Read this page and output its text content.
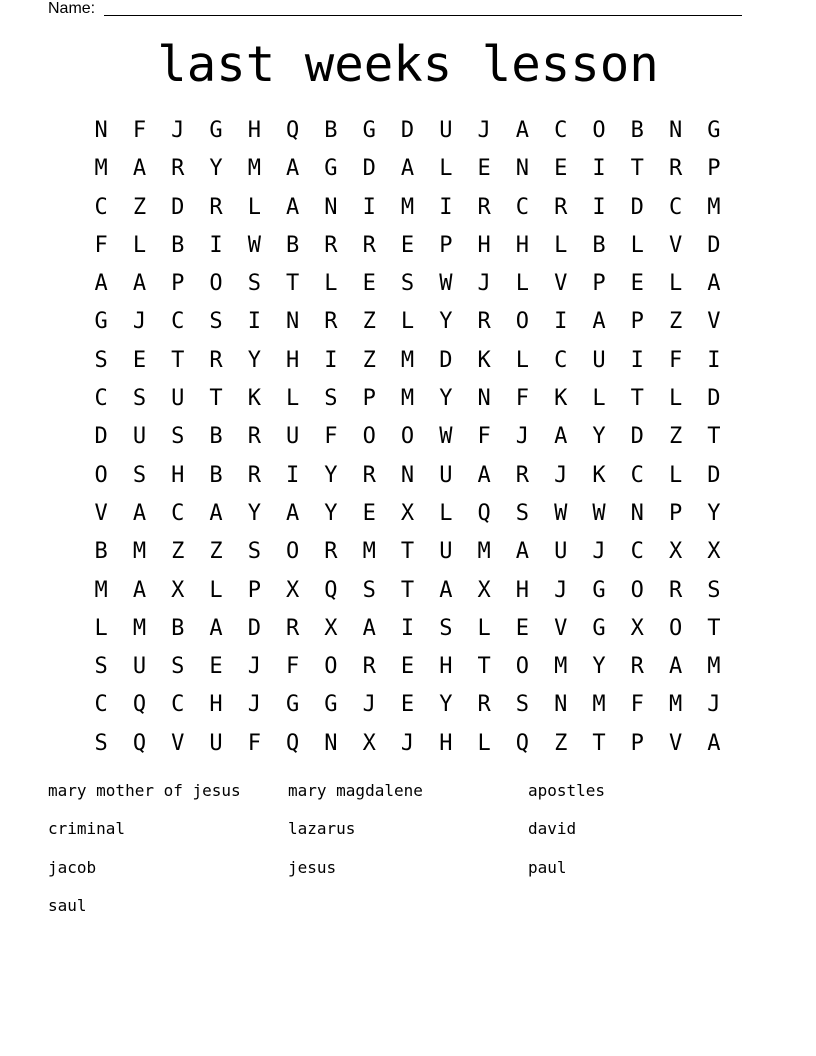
Name:
last weeks lesson
N	F	J	G	H	Q	B	G	D	U	J	A	C	O	B	N	G
M	A	R	Y	M	A	G	D	A	L	E	N	E	I	T	R	P
C	Z	D	R	L	A	N	I	M	I	R	C	R	I	D	C	M
F	L	B	I	W	B	R	R	E	P	H	H	L	B	L	V	D
A	A	P	O	S	T	L	E	S	W	J	L	V	P	E	L	A
G	J	C	S	I	N	R	Z	L	Y	R	O	I	A	P	Z	V
S	E	T	R	Y	H	I	Z	M	D	K	L	C	U	I	F	I
C	S	U	T	K	L	S	P	M	Y	N	F	K	L	T	L	D
D	U	S	B	R	U	F	O	O	W	F	J	A	Y	D	Z	T
O	S	H	B	R	I	Y	R	N	U	A	R	J	K	C	L	D
V	A	C	A	Y	A	Y	E	X	L	Q	S	W	W	N	P	Y
B	M	Z	Z	S	O	R	M	T	U	M	A	U	J	C	X	X
M	A	X	L	P	X	Q	S	T	A	X	H	J	G	O	R	S
L	M	B	A	D	R	X	A	I	S	L	E	V	G	X	O	T
S	U	S	E	J	F	O	R	E	H	T	O	M	Y	R	A	M
C	Q	C	H	J	G	G	J	E	Y	R	S	N	M	F	M	J
S	Q	V	U	F	Q	N	X	J	H	L	Q	Z	T	P	V	A
mary mother of jesus	mary magdalene	apostles
criminal	lazarus	david
jacob	jesus	paul
saul
